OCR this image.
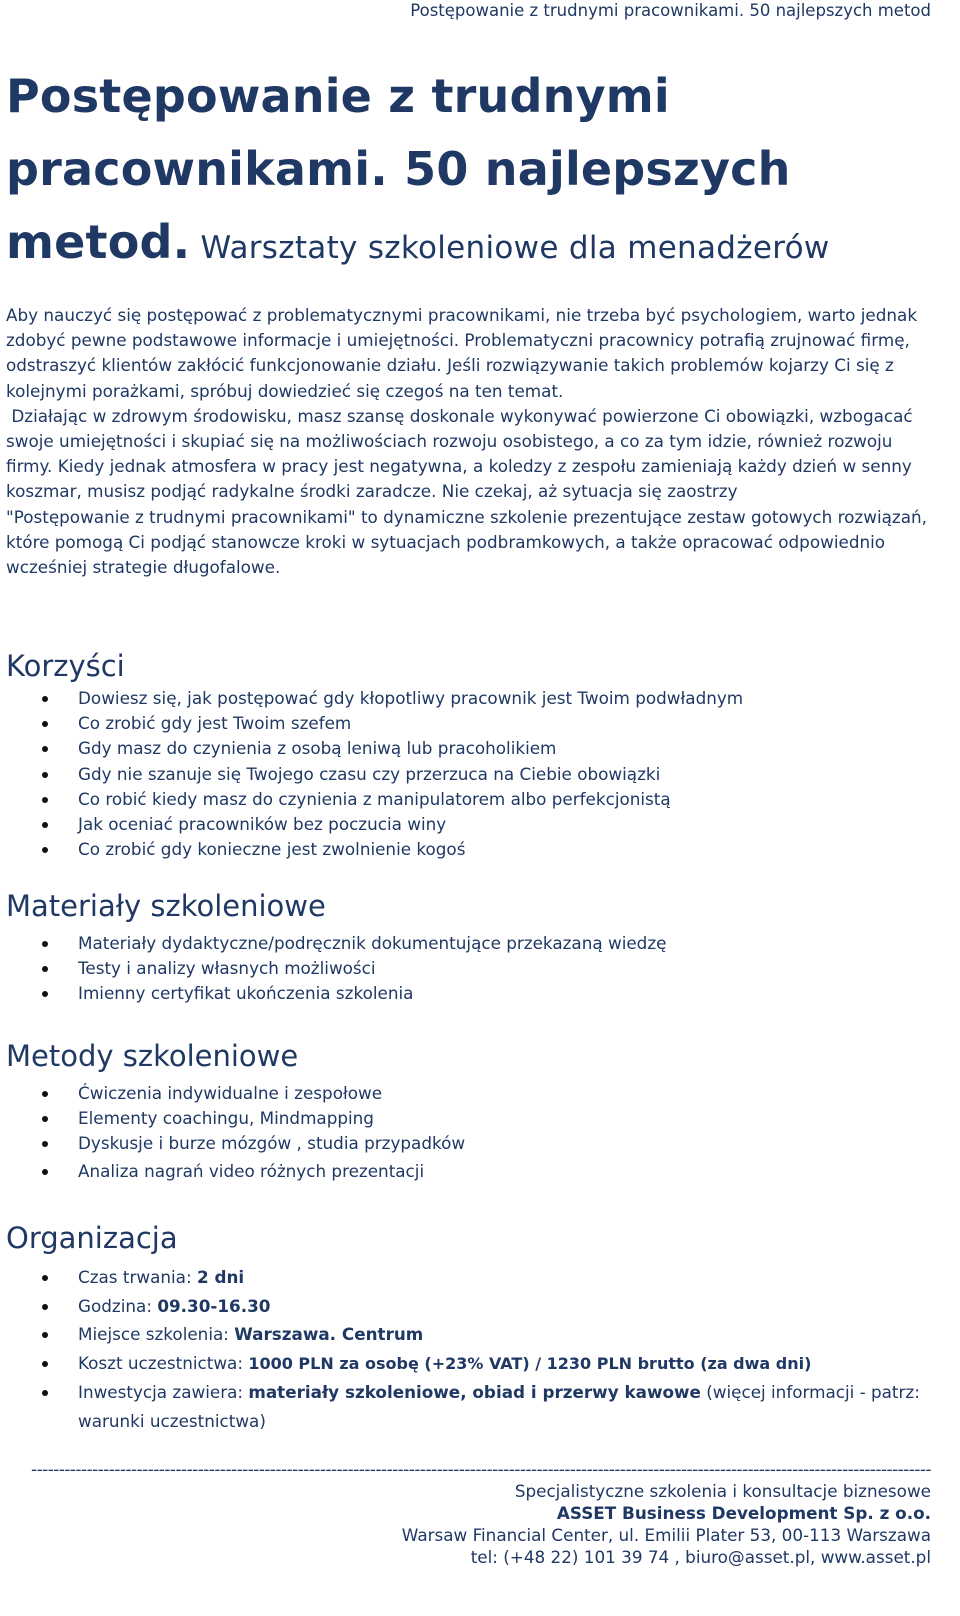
Postępowanie z trudnymi pracownikami. 50 najlepszych metod
Postępowanie z trudnymi pracownikami. 50 najlepszych metod. Warsztaty szkoleniowe dla menadżerów

Aby nauczyć się postępować z problematycznymi pracownikami, nie trzeba być psychologiem, warto jednak zdobyć pewne podstawowe informacje i umiejętności. Problematyczni pracownicy potrafią zrujnować firmę, odstraszyć klientów zakłócić funkcjonowanie działu. Jeśli rozwiązywanie takich problemów kojarzy Ci się z kolejnymi porażkami, spróbuj dowiedzieć się czegoś na ten temat.
Działając w zdrowym środowisku, masz szansę doskonale wykonywać powierzone Ci obowiązki, wzbogacać swoje umiejętności i skupiać się na możliwościach rozwoju osobistego, a co za tym idzie, również rozwoju firmy. Kiedy jednak atmosfera w pracy jest negatywna, a koledzy z zespołu zamieniają każdy dzień w senny koszmar, musisz podjąć radykalne środki zaradcze. Nie czekaj, aż sytuacja się zaostrzy
"Postępowanie z trudnymi pracownikami" to dynamiczne szkolenie prezentujące zestaw gotowych rozwiązań, które pomogą Ci podjąć stanowcze kroki w sytuacjach podbramkowych, a także opracować odpowiednio wcześniej strategie długofalowe.

Korzyści
Dowiesz się, jak postępować gdy kłopotliwy pracownik jest Twoim podwładnym
Co zrobić gdy jest Twoim szefem
Gdy masz do czynienia z osobą leniwą lub pracoholikiem
Gdy nie szanuje się Twojego czasu czy przerzuca na Ciebie obowiązki
Co robić kiedy masz do czynienia z manipulatorem albo perfekcjonistą
Jak oceniać pracowników bez poczucia winy
Co zrobić gdy konieczne jest zwolnienie kogoś
Materiały szkoleniowe
Materiały dydaktyczne/podręcznik dokumentujące przekazaną wiedzę
Testy i analizy własnych możliwości
Imienny certyfikat ukończenia szkolenia
Metody szkoleniowe
Ćwiczenia indywidualne i zespołowe
Elementy coachingu, Mindmapping
Dyskusje i burze mózgów , studia przypadków
Analiza nagrań video różnych prezentacji
Organizacja
Czas trwania: 2 dni
Godzina: 09.30-16.30
Miejsce szkolenia: Warszawa. Centrum
Koszt uczestnictwa: 1000 PLN za osobę (+23% VAT) / 1230 PLN brutto (za dwa dni)
Inwestycja zawiera: materiały szkoleniowe, obiad i przerwy kawowe (więcej informacji - patrz: warunki uczestnictwa)
------------------------------------------------------------------------------------------------------------------------------------------------------------------
Specjalistyczne szkolenia i konsultacje biznesowe
ASSET Business Development Sp. z o.o.
Warsaw Financial Center, ul. Emilii Plater 53, 00-113 Warszawa
tel: (+48 22) 101 39 74 , biuro@asset.pl, www.asset.pl
